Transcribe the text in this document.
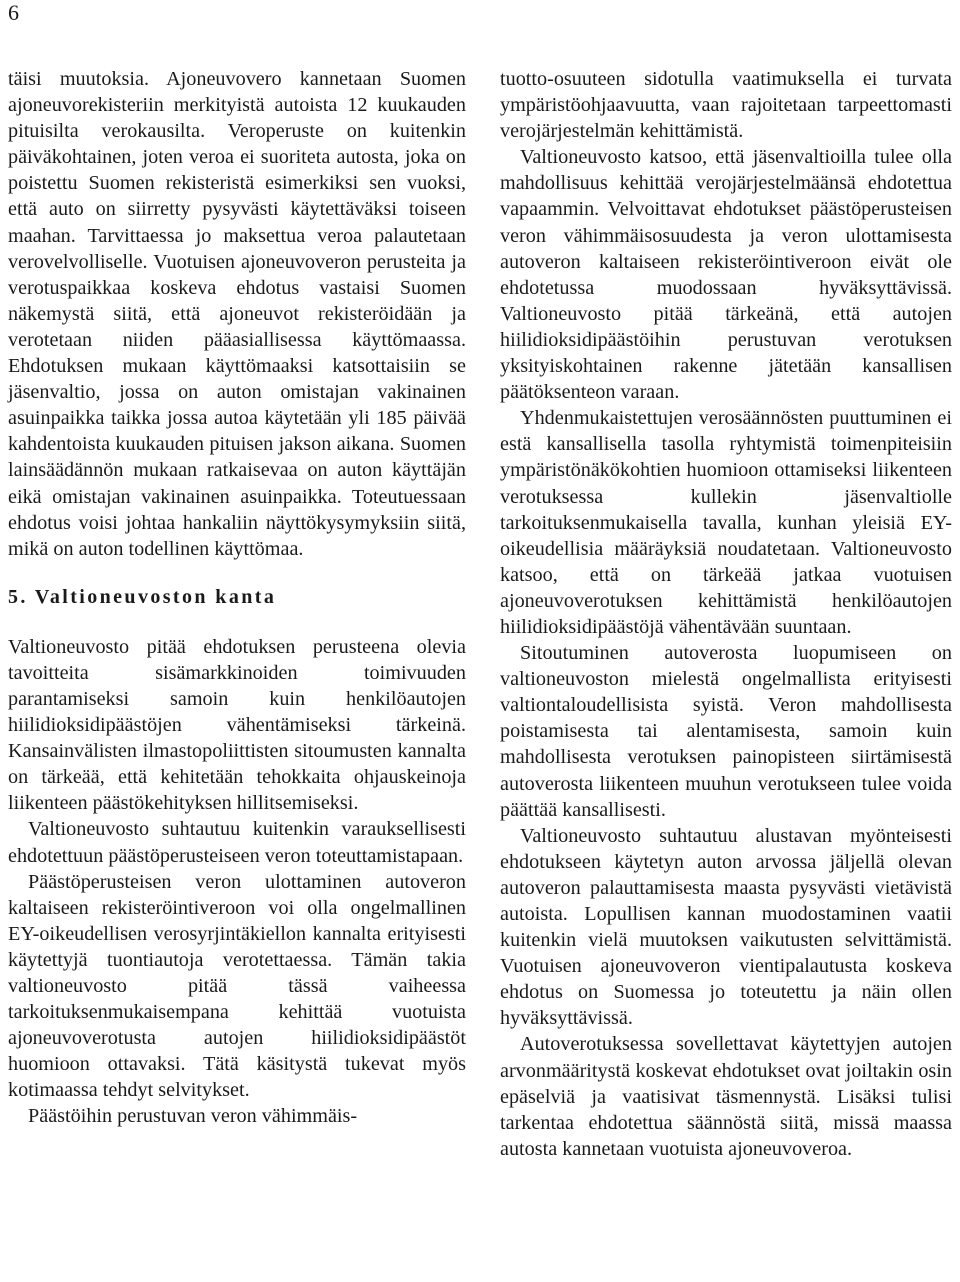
6

täisi muutoksia. Ajoneuvovero kannetaan Suomen ajoneuvorekisteriin merkityistä autoista 12 kuukauden pituisilta verokausilta. Veroperuste on kuitenkin päiväkohtainen, joten veroa ei suoriteta autosta, joka on poistettu Suomen rekisteristä esimerkiksi sen vuoksi, että auto on siirretty pysyvästi käytettäväksi toiseen maahan. Tarvittaessa jo maksettua veroa palautetaan verovelvolliselle. Vuotuisen ajoneuvoveron perusteita ja verotuspaikkaa koskeva ehdotus vastaisi Suomen näkemystä siitä, että ajoneuvot rekisteröidään ja verotetaan niiden pääasiallisessa käyttömaassa. Ehdotuksen mukaan käyttömaaksi katsottaisiin se jäsenvaltio, jossa on auton omistajan vakinainen asuinpaikka taikka jossa autoa käytetään yli 185 päivää kahdentoista kuukauden pituisen jakson aikana. Suomen lainsäädännön mukaan ratkaisevaa on auton käyttäjän eikä omistajan vakinainen asuinpaikka. Toteutuessaan ehdotus voisi johtaa hankaliin näyttökysymyksiin siitä, mikä on auton todellinen käyttömaa.

5. Valtioneuvoston kanta

Valtioneuvosto pitää ehdotuksen perusteena olevia tavoitteita sisämarkkinoiden toimivuuden parantamiseksi samoin kuin henkilöautojen hiilidioksidipäästöjen vähentämiseksi tärkeinä. Kansainvälisten ilmastopoliittisten sitoumusten kannalta on tärkeää, että kehitetään tehokkaita ohjauskeinoja liikenteen päästökehityksen hillitsemiseksi.

Valtioneuvosto suhtautuu kuitenkin varauksellisesti ehdotettuun päästöperusteiseen veron toteuttamistapaan.

Päästöperusteisen veron ulottaminen autoveron kaltaiseen rekisteröintiveroon voi olla ongelmallinen EY-oikeudellisen verosyrjintäkiellon kannalta erityisesti käytettyjä tuontiautoja verotettaessa. Tämän takia valtioneuvosto pitää tässä vaiheessa tarkoituksenmukaisempana kehittää vuotuista ajoneuvoverotusta autojen hiilidioksidipäästöt huomioon ottavaksi. Tätä käsitystä tukevat myös kotimaassa tehdyt selvitykset.

Päästöihin perustuvan veron vähimmäis-

tuotto-osuuteen sidotulla vaatimuksella ei turvata ympäristöohjaavuutta, vaan rajoitetaan tarpeettomasti verojärjestelmän kehittämistä.

Valtioneuvosto katsoo, että jäsenvaltioilla tulee olla mahdollisuus kehittää verojärjestelmäänsä ehdotettua vapaammin. Velvoittavat ehdotukset päästöperusteisen veron vähimmäisosuudesta ja veron ulottamisesta autoveron kaltaiseen rekisteröintiveroon eivät ole ehdotetussa muodossaan hyväksyttävissä. Valtioneuvosto pitää tärkeänä, että autojen hiilidioksidipäästöihin perustuvan verotuksen yksityiskohtainen rakenne jätetään kansallisen päätöksenteon varaan.

Yhdenmukaistettujen verosäännösten puuttuminen ei estä kansallisella tasolla ryhtymistä toimenpiteisiin ympäristönäkökohtien huomioon ottamiseksi liikenteen verotuksessa kullekin jäsenvaltiolle tarkoituksenmukaisella tavalla, kunhan yleisiä EY-oikeudellisia määräyksiä noudatetaan. Valtioneuvosto katsoo, että on tärkeää jatkaa vuotuisen ajoneuvoverotuksen kehittämistä henkilöautojen hiilidioksidipäästöjä vähentävään suuntaan.

Sitoutuminen autoverosta luopumiseen on valtioneuvoston mielestä ongelmallista erityisesti valtiontaloudellisista syistä. Veron mahdollisesta poistamisesta tai alentamisesta, samoin kuin mahdollisesta verotuksen painopisteen siirtämisestä autoverosta liikenteen muuhun verotukseen tulee voida päättää kansallisesti.

Valtioneuvosto suhtautuu alustavan myönteisesti ehdotukseen käytetyn auton arvossa jäljellä olevan autoveron palauttamisesta maasta pysyvästi vietävistä autoista. Lopullisen kannan muodostaminen vaatii kuitenkin vielä muutoksen vaikutusten selvittämistä. Vuotuisen ajoneuvoveron vientipalautusta koskeva ehdotus on Suomessa jo toteutettu ja näin ollen hyväksyttävissä.

Autoverotuksessa sovellettavat käytettyjen autojen arvonmääritystä koskevat ehdotukset ovat joiltakin osin epäselviä ja vaatisivat täsmennystä. Lisäksi tulisi tarkentaa ehdotettua säännöstä siitä, missä maassa autosta kannetaan vuotuista ajoneuvoveroa.
